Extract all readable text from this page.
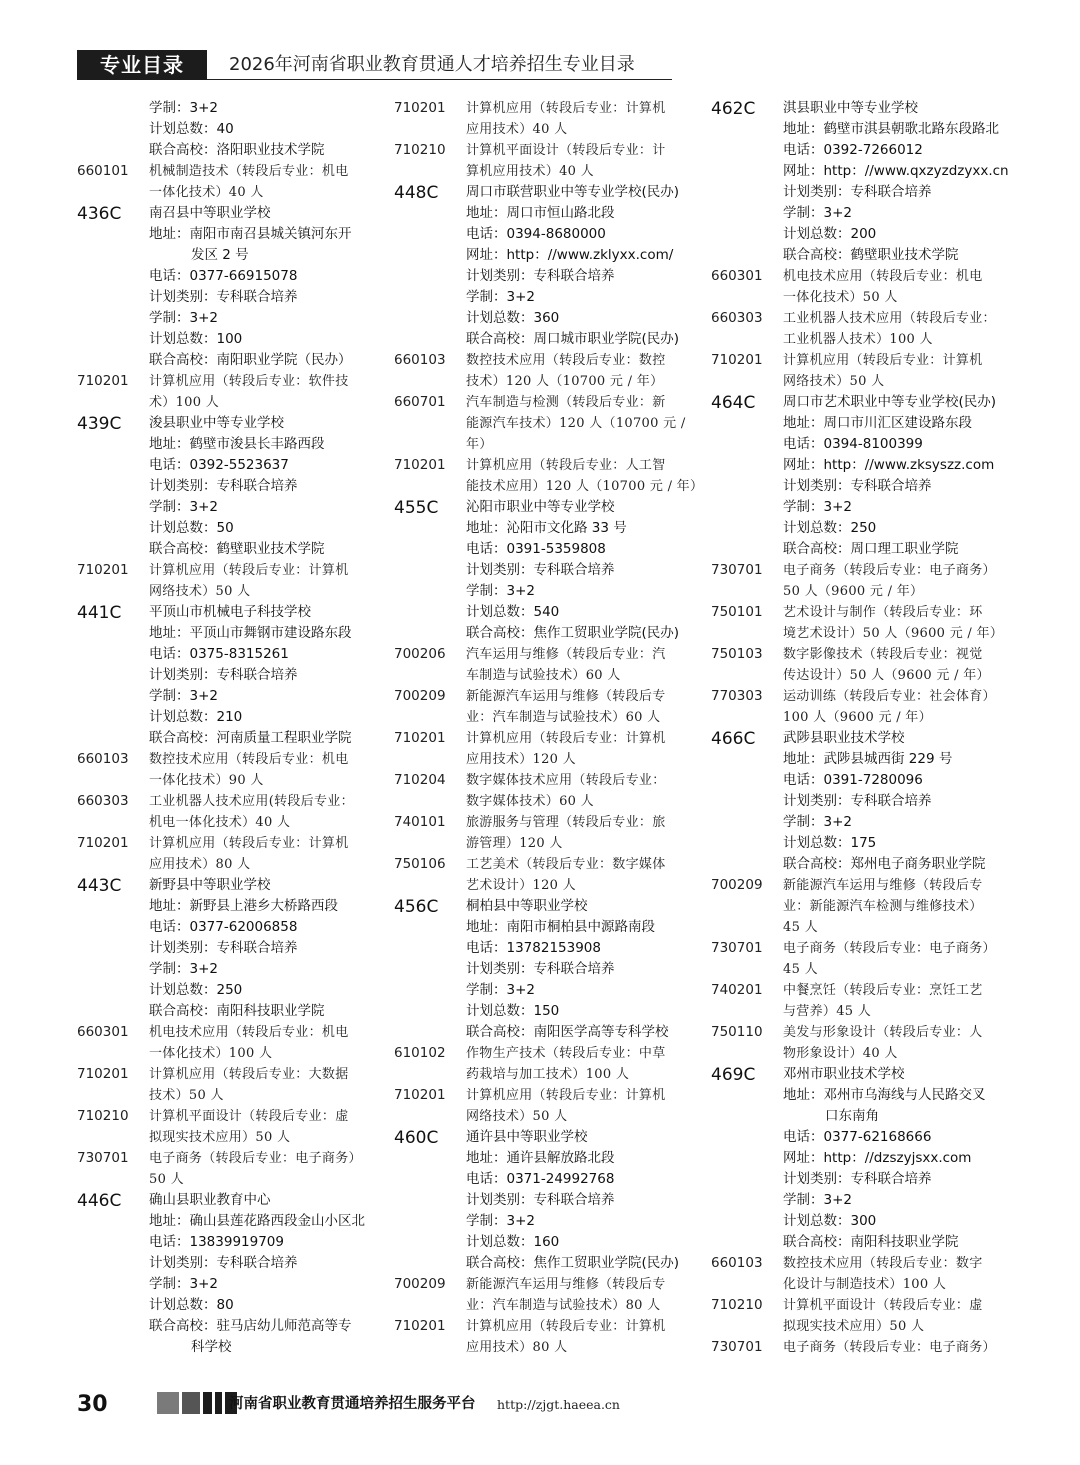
专业目录	2026年河南省职业教育贯通人才培养招生专业目录
学制：3+2
计划总数：40
联合高校：洛阳职业技术学院
660101 机械制造技术（转段后专业：机电
一体化技术）40 人
436C 南召县中等职业学校
地址：南阳市南召县城关镇河东开
发区 2 号
电话：0377-66915078
计划类别：专科联合培养
学制：3+2
计划总数：100
联合高校：南阳职业学院（民办）
710201 计算机应用（转段后专业：软件技
术）100 人
439C 浚县职业中等专业学校
地址：鹤壁市浚县长丰路西段
电话：0392-5523637
计划类别：专科联合培养
学制：3+2
计划总数：50
联合高校：鹤壁职业技术学院
710201 计算机应用（转段后专业：计算机
网络技术）50 人
441C 平顶山市机械电子科技学校
地址：平顶山市舞钢市建设路东段
电话：0375-8315261
计划类别：专科联合培养
学制：3+2
计划总数：210
联合高校：河南质量工程职业学院
660103 数控技术应用（转段后专业：机电
一体化技术）90 人
660303 工业机器人技术应用(转段后专业：
机电一体化技术）40 人
710201 计算机应用（转段后专业：计算机
应用技术）80 人
443C 新野县中等职业学校
地址：新野县上港乡大桥路西段
电话：0377-62006858
计划类别：专科联合培养
学制：3+2
计划总数：250
联合高校：南阳科技职业学院
660301 机电技术应用（转段后专业：机电
一体化技术）100 人
710201 计算机应用（转段后专业：大数据
技术）50 人
710210 计算机平面设计（转段后专业：虚
拟现实技术应用）50 人
730701 电子商务（转段后专业：电子商务）
50 人
446C 确山县职业教育中心
地址：确山县莲花路西段金山小区北
电话：13839919709
计划类别：专科联合培养
学制：3+2
计划总数：80
联合高校：驻马店幼儿师范高等专
科学校
710201 计算机应用（转段后专业：计算机
应用技术）40 人
710210 计算机平面设计（转段后专业：计
算机应用技术）40 人
448C 周口市联营职业中等专业学校(民办)
地址：周口市恒山路北段
电话：0394-8680000
网址：http：//www.zklyxx.com/
计划类别：专科联合培养
学制：3+2
计划总数：360
联合高校：周口城市职业学院(民办)
660103 数控技术应用（转段后专业：数控
技术）120 人（10700 元 / 年）
660701 汽车制造与检测（转段后专业：新
能源汽车技术）120 人（10700 元 /
年）
710201 计算机应用（转段后专业：人工智
能技术应用）120 人（10700 元 / 年）
455C 沁阳市职业中等专业学校
地址：沁阳市文化路 33 号
电话：0391-5359808
计划类别：专科联合培养
学制：3+2
计划总数：540
联合高校：焦作工贸职业学院(民办)
700206 汽车运用与维修（转段后专业：汽
车制造与试验技术）60 人
700209 新能源汽车运用与维修（转段后专
业：汽车制造与试验技术）60 人
710201 计算机应用（转段后专业：计算机
应用技术）120 人
710204 数字媒体技术应用（转段后专业：
数字媒体技术）60 人
740101 旅游服务与管理（转段后专业：旅
游管理）120 人
750106 工艺美术（转段后专业：数字媒体
艺术设计）120 人
456C 桐柏县中等职业学校
地址：南阳市桐柏县中源路南段
电话：13782153908
计划类别：专科联合培养
学制：3+2
计划总数：150
联合高校：南阳医学高等专科学校
610102 作物生产技术（转段后专业：中草
药栽培与加工技术）100 人
710201 计算机应用（转段后专业：计算机
网络技术）50 人
460C 通许县中等职业学校
地址：通许县解放路北段
电话：0371-24992768
计划类别：专科联合培养
学制：3+2
计划总数：160
联合高校：焦作工贸职业学院(民办)
700209 新能源汽车运用与维修（转段后专
业：汽车制造与试验技术）80 人
710201 计算机应用（转段后专业：计算机
应用技术）80 人
462C 淇县职业中等专业学校
地址：鹤壁市淇县朝歌北路东段路北
电话：0392-7266012
网址：http：//www.qxzyzdzyxx.cn
计划类别：专科联合培养
学制：3+2
计划总数：200
联合高校：鹤壁职业技术学院
660301 机电技术应用（转段后专业：机电
一体化技术）50 人
660303 工业机器人技术应用（转段后专业：
工业机器人技术）100 人
710201 计算机应用（转段后专业：计算机
网络技术）50 人
464C 周口市艺术职业中等专业学校(民办)
地址：周口市川汇区建设路东段
电话：0394-8100399
网址：http：//www.zksyszz.com
计划类别：专科联合培养
学制：3+2
计划总数：250
联合高校：周口理工职业学院
730701 电子商务（转段后专业：电子商务）
50 人（9600 元 / 年）
750101 艺术设计与制作（转段后专业：环
境艺术设计）50 人（9600 元 / 年）
750103 数字影像技术（转段后专业：视觉
传达设计）50 人（9600 元 / 年）
770303 运动训练（转段后专业：社会体育）
100 人（9600 元 / 年）
466C 武陟县职业技术学校
地址：武陟县城西街 229 号
电话：0391-7280096
计划类别：专科联合培养
学制：3+2
计划总数：175
联合高校：郑州电子商务职业学院
700209 新能源汽车运用与维修（转段后专
业：新能源汽车检测与维修技术）
45 人
730701 电子商务（转段后专业：电子商务）
45 人
740201 中餐烹饪（转段后专业：烹饪工艺
与营养）45 人
750110 美发与形象设计（转段后专业：人
物形象设计）40 人
469C 邓州市职业技术学校
地址：邓州市乌海线与人民路交叉
口东南角
电话：0377-62168666
网址：http：//dzszyjsxx.com
计划类别：专科联合培养
学制：3+2
计划总数：300
联合高校：南阳科技职业学院
660103 数控技术应用（转段后专业：数字
化设计与制造技术）100 人
710210 计算机平面设计（转段后专业：虚
拟现实技术应用）50 人
730701 电子商务（转段后专业：电子商务）
30	河南省职业教育贯通培养招生服务平台 http://zjgt.haeea.cn
